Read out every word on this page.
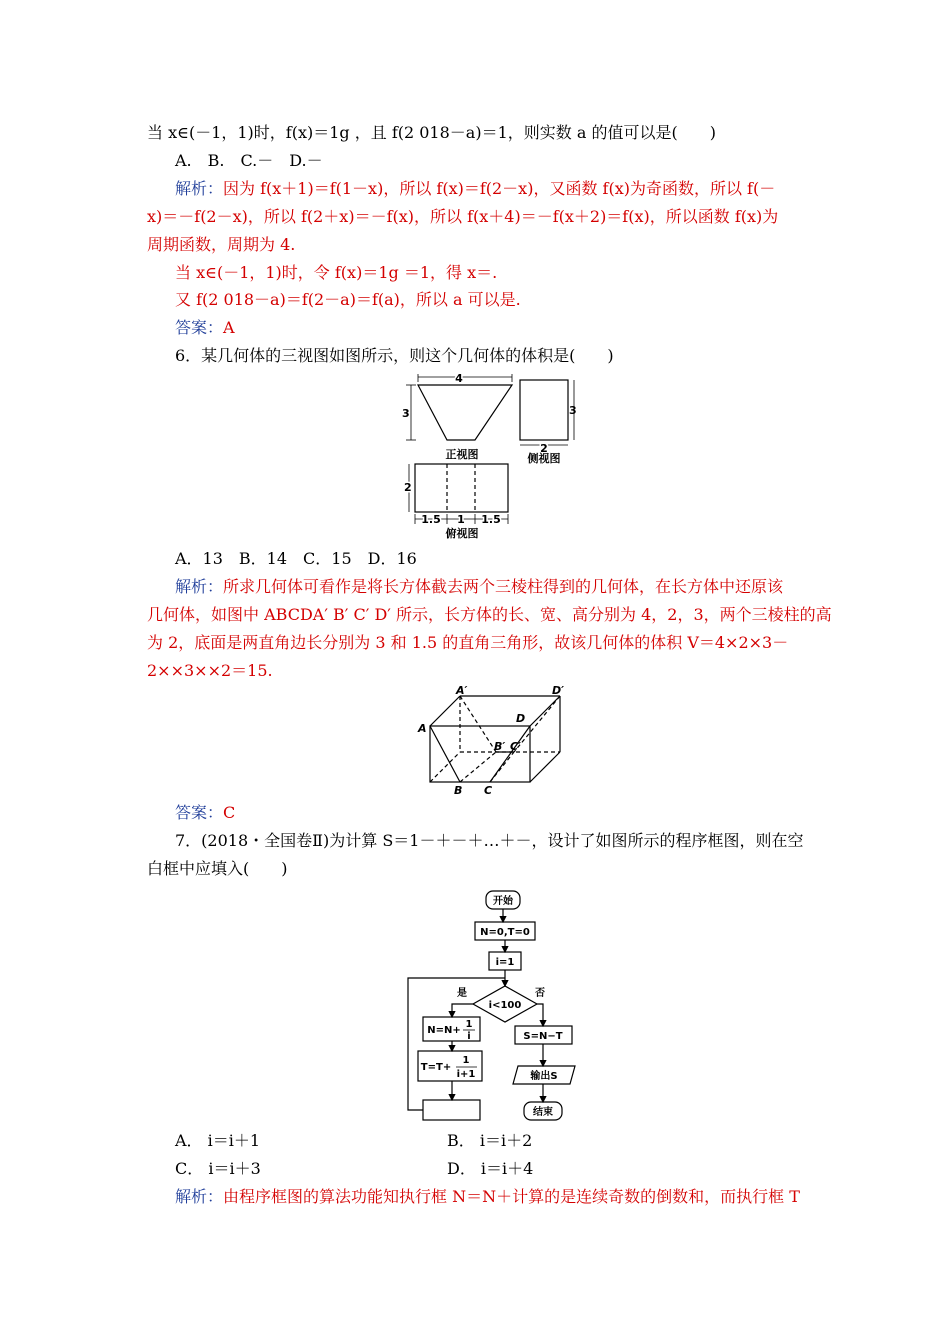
当 x∈(－1，1)时，f(x)＝1g ，且 f(2 018－a)＝1，则实数 a 的值可以是(　　)
A.　B.　C.－　D.－
解析：因为 f(x＋1)＝f(1－x)，所以 f(x)＝f(2－x)，又函数 f(x)为奇函数，所以 f(－
x)＝－f(2－x)，所以 f(2＋x)＝－f(x)，所以 f(x＋4)＝－f(x＋2)＝f(x)，所以函数 f(x)为
周期函数，周期为 4.
当 x∈(－1，1)时，令 f(x)＝1g ＝1，得 x＝.
又 f(2 018－a)＝f(2－a)＝f(a)，所以 a 可以是.
答案：A
6．某几何体的三视图如图所示，则这个几何体的体积是(　　)
4
3
正视图
3
2
侧视图
2
1.5 1 1.5
俯视图
A．13　B．14　C．15　D．16
解析：所求几何体可看作是将长方体截去两个三棱柱得到的几何体，在长方体中还原该
几何体，如图中 ABCDA′ B′ C′ D′ 所示，长方体的长、宽、高分别为 4，2，3，两个三棱柱的高
为 2，底面是两直角边长分别为 3 和 1.5 的直角三角形，故该几何体的体积 V＝4×2×3－
2××3××2＝15.
A′	D′
A
D
B′ C′
B C
答案：C
7．(2018・全国卷Ⅱ)为计算 S＝1－＋－＋…＋－，设计了如图所示的程序框图，则在空
白框中应填入(　　)
开始
N=0,T=0
i=1
i<100
是	否
N=N+
1
i
T=T+
1
i+1
S=N−T
输出S
结束
A． i＝i＋1	B． i＝i＋2
C． i＝i＋3	D． i＝i＋4
解析：由程序框图的算法功能知执行框 N＝N＋计算的是连续奇数的倒数和，而执行框 T
